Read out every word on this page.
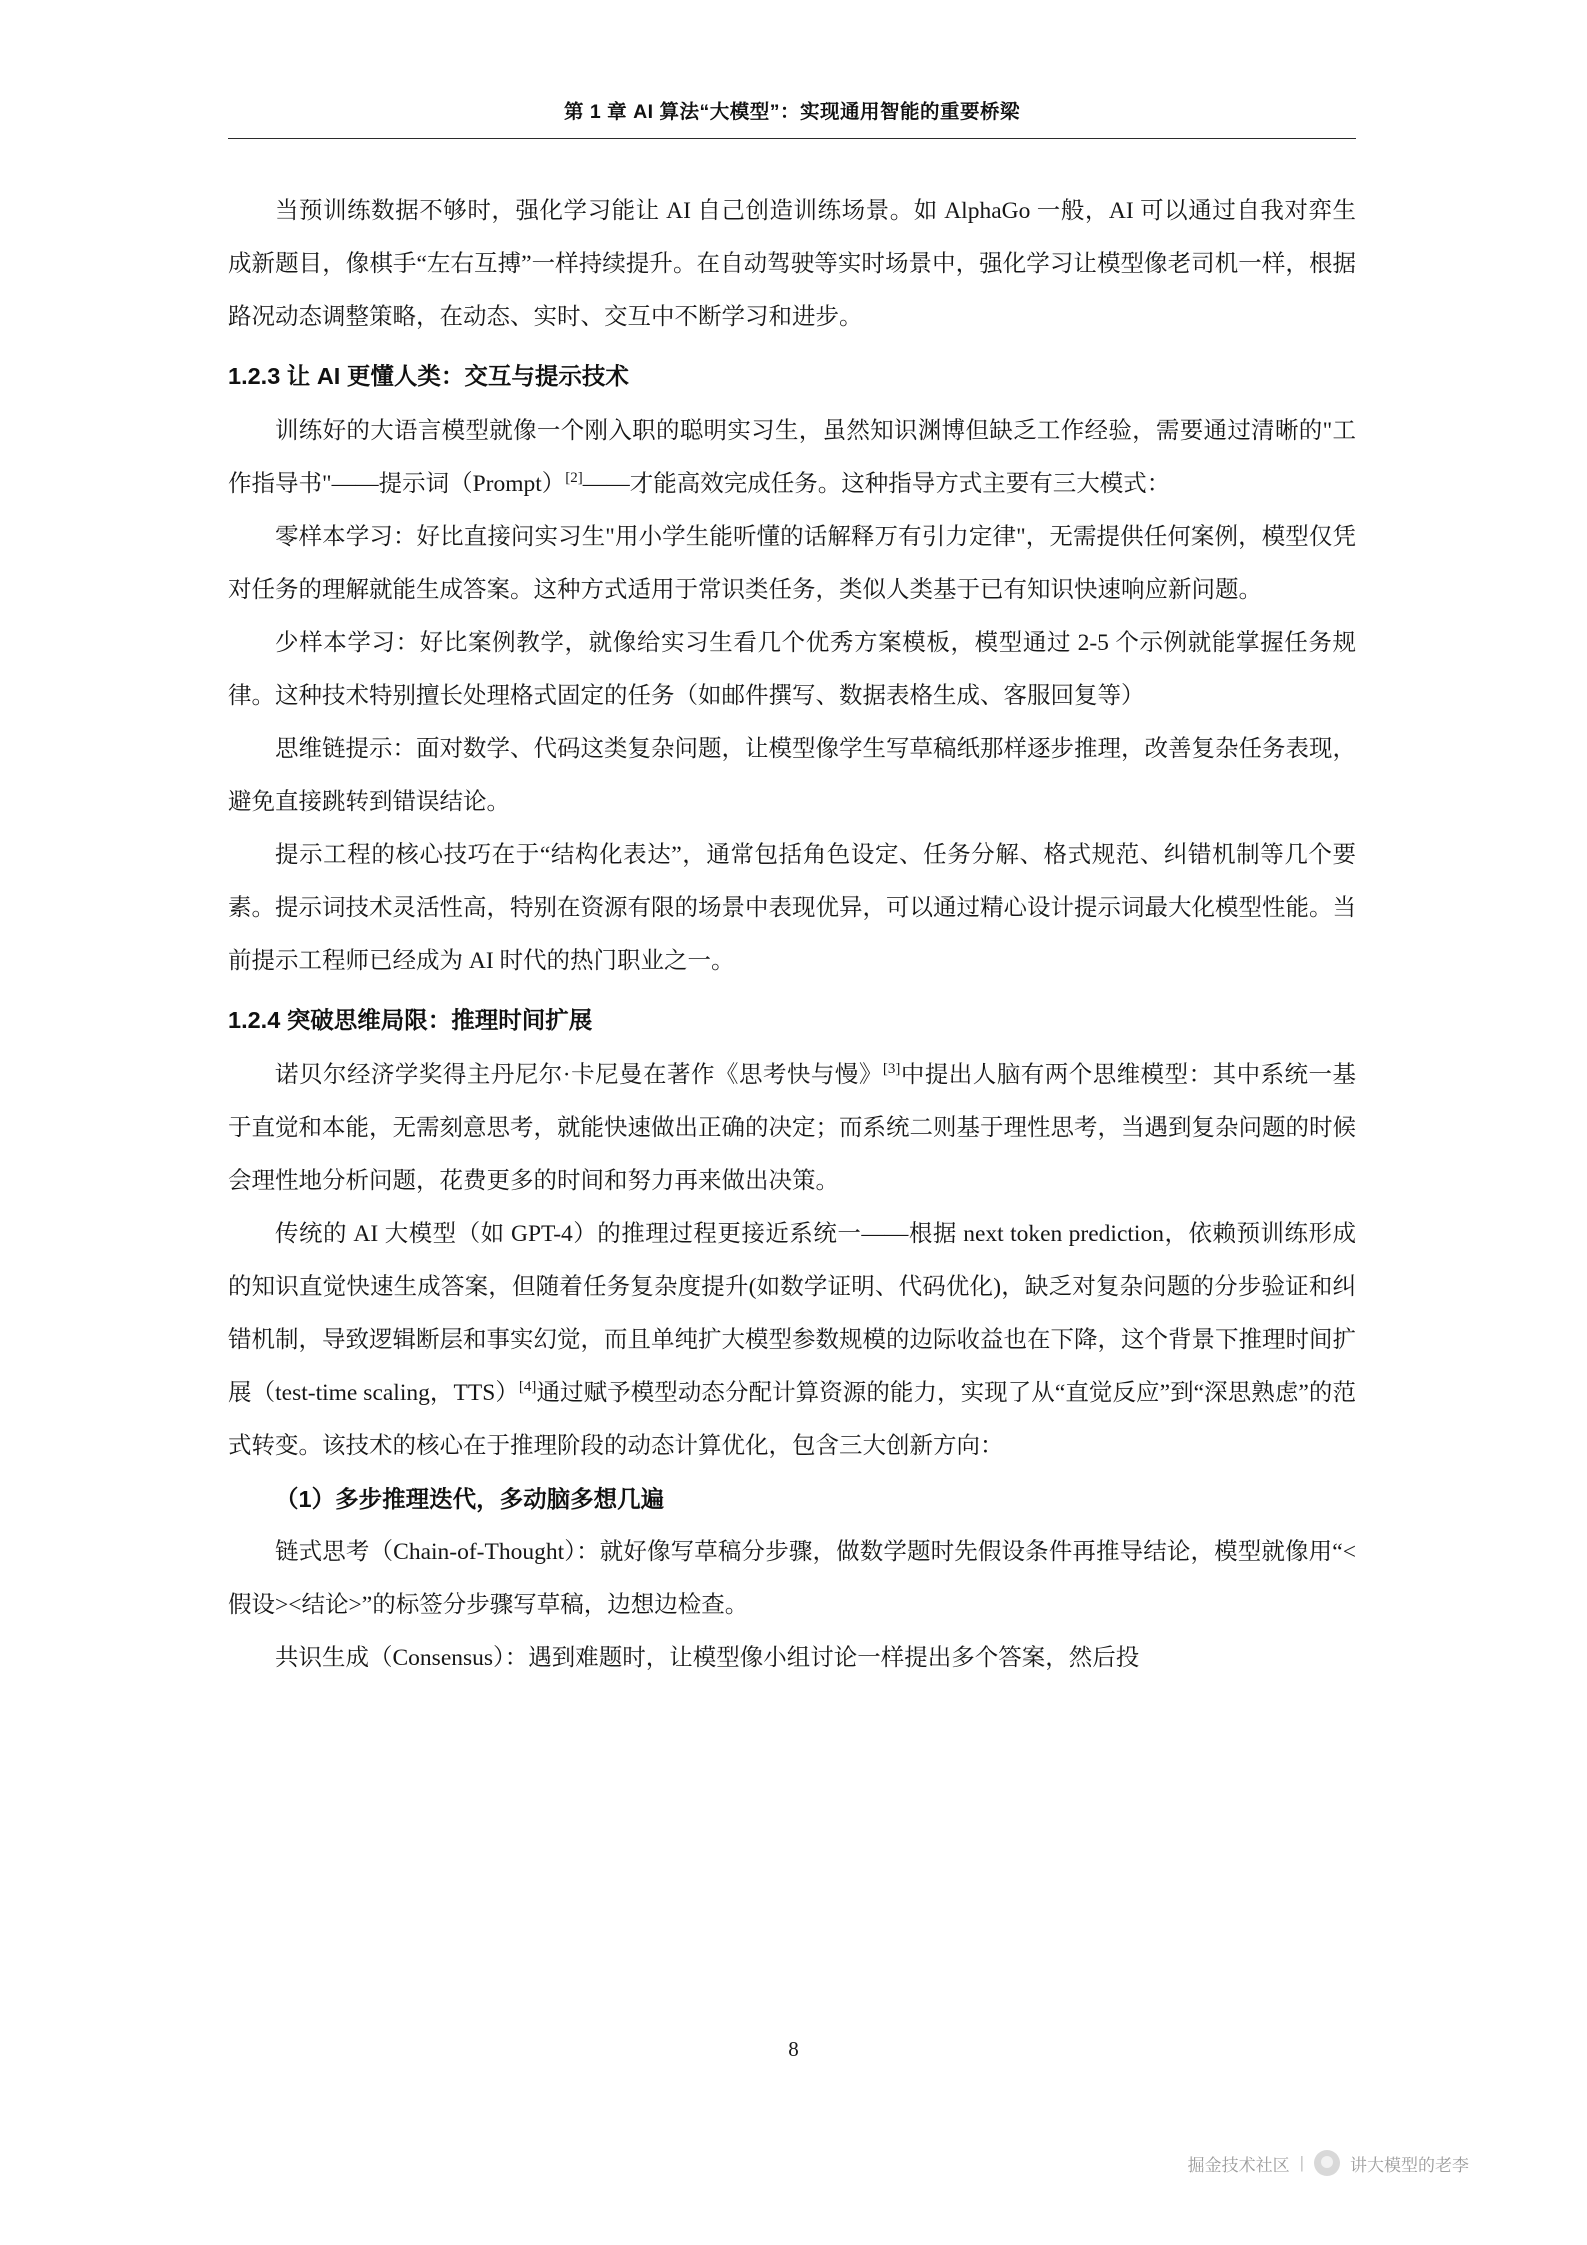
第 1 章 AI 算法“大模型”：实现通用智能的重要桥梁

当预训练数据不够时，强化学习能让 AI 自己创造训练场景。如 AlphaGo 一般，AI 可以通过自我对弈生成新题目，像棋手“左右互搏”一样持续提升。在自动驾驶等实时场景中，强化学习让模型像老司机一样，根据路况动态调整策略，在动态、实时、交互中不断学习和进步。

1.2.3 让 AI 更懂人类：交互与提示技术

训练好的大语言模型就像一个刚入职的聪明实习生，虽然知识渊博但缺乏工作经验，需要通过清晰的"工作指导书"——提示词（Prompt）[2]——才能高效完成任务。这种指导方式主要有三大模式：

零样本学习：好比直接问实习生"用小学生能听懂的话解释万有引力定律"，无需提供任何案例，模型仅凭对任务的理解就能生成答案。这种方式适用于常识类任务，类似人类基于已有知识快速响应新问题。

少样本学习：好比案例教学，就像给实习生看几个优秀方案模板，模型通过 2-5 个示例就能掌握任务规律。这种技术特别擅长处理格式固定的任务（如邮件撰写、数据表格生成、客服回复等）

思维链提示：面对数学、代码这类复杂问题，让模型像学生写草稿纸那样逐步推理，改善复杂任务表现，避免直接跳转到错误结论。

提示工程的核心技巧在于“结构化表达”，通常包括角色设定、任务分解、格式规范、纠错机制等几个要素。提示词技术灵活性高，特别在资源有限的场景中表现优异，可以通过精心设计提示词最大化模型性能。当前提示工程师已经成为 AI 时代的热门职业之一。

1.2.4 突破思维局限：推理时间扩展

诺贝尔经济学奖得主丹尼尔·卡尼曼在著作《思考快与慢》[3]中提出人脑有两个思维模型：其中系统一基于直觉和本能，无需刻意思考，就能快速做出正确的决定；而系统二则基于理性思考，当遇到复杂问题的时候会理性地分析问题，花费更多的时间和努力再来做出决策。

传统的 AI 大模型（如 GPT-4）的推理过程更接近系统一——根据 next token prediction，依赖预训练形成的知识直觉快速生成答案，但随着任务复杂度提升(如数学证明、代码优化)，缺乏对复杂问题的分步验证和纠错机制，导致逻辑断层和事实幻觉，而且单纯扩大模型参数规模的边际收益也在下降，这个背景下推理时间扩展（test-time scaling，TTS）[4]通过赋予模型动态分配计算资源的能力，实现了从“直觉反应”到“深思熟虑”的范式转变。该技术的核心在于推理阶段的动态计算优化，包含三大创新方向：

（1）多步推理迭代，多动脑多想几遍

链式思考（Chain-of-Thought）：就好像写草稿分步骤，做数学题时先假设条件再推导结论，模型就像用“<假设><结论>”的标签分步骤写草稿，边想边检查。

共识生成（Consensus）：遇到难题时，让模型像小组讨论一样提出多个答案，然后投

8
掘金技术社区 |	讲大模型的老李
